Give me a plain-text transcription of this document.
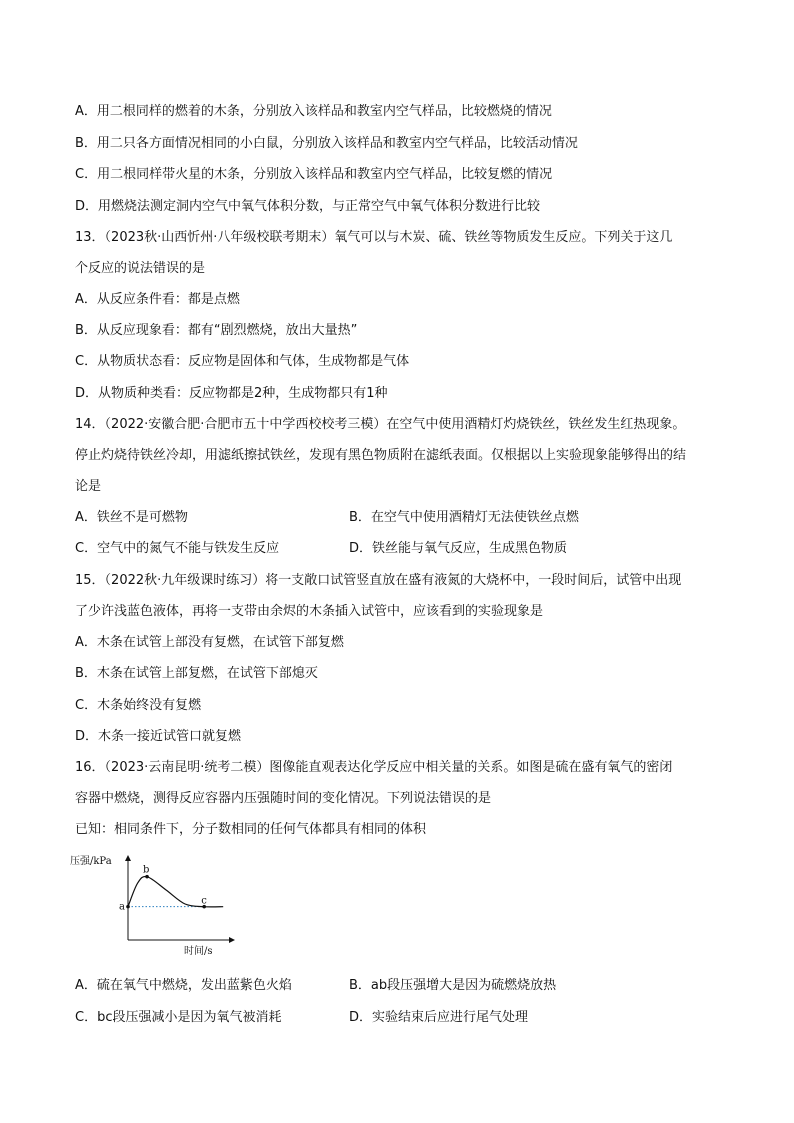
A．用二根同样的燃着的木条，分别放入该样品和教室内空气样品，比较燃烧的情况
B．用二只各方面情况相同的小白鼠，分别放入该样品和教室内空气样品，比较活动情况
C．用二根同样带火星的木条，分别放入该样品和教室内空气样品，比较复燃的情况
D．用燃烧法测定洞内空气中氧气体积分数，与正常空气中氧气体积分数进行比较
13．（2023秋·山西忻州·八年级校联考期末）氧气可以与木炭、硫、铁丝等物质发生反应。下列关于这几
个反应的说法错误的是
A．从反应条件看：都是点燃
B．从反应现象看：都有“剧烈燃烧，放出大量热”
C．从物质状态看：反应物是固体和气体，生成物都是气体
D．从物质种类看：反应物都是2种，生成物都只有1种
14．（2022·安徽合肥·合肥市五十中学西校校考三模）在空气中使用酒精灯灼烧铁丝，铁丝发生红热现象。
停止灼烧待铁丝冷却，用滤纸擦拭铁丝，发现有黑色物质附在滤纸表面。仅根据以上实验现象能够得出的结
论是
A．铁丝不是可燃物	B．在空气中使用酒精灯无法使铁丝点燃
C．空气中的氮气不能与铁发生反应	D．铁丝能与氧气反应，生成黑色物质
15．（2022秋·九年级课时练习）将一支敞口试管竖直放在盛有液氮的大烧杯中，一段时间后，试管中出现
了少许浅蓝色液体，再将一支带由余烬的木条插入试管中，应该看到的实验现象是
A．木条在试管上部没有复燃，在试管下部复燃
B．木条在试管上部复燃，在试管下部熄灭
C．木条始终没有复燃
D．木条一接近试管口就复燃
16．（2023·云南昆明·统考二模）图像能直观表达化学反应中相关量的关系。如图是硫在盛有氧气的密闭
容器中燃烧，测得反应容器内压强随时间的变化情况。下列说法错误的是
已知：相同条件下，分子数相同的任何气体都具有相同的体积
压强/kPa
时间/s
a
b
c
A．硫在氧气中燃烧，发出蓝紫色火焰	B．ab段压强增大是因为硫燃烧放热
C．bc段压强减小是因为氧气被消耗	D．实验结束后应进行尾气处理
